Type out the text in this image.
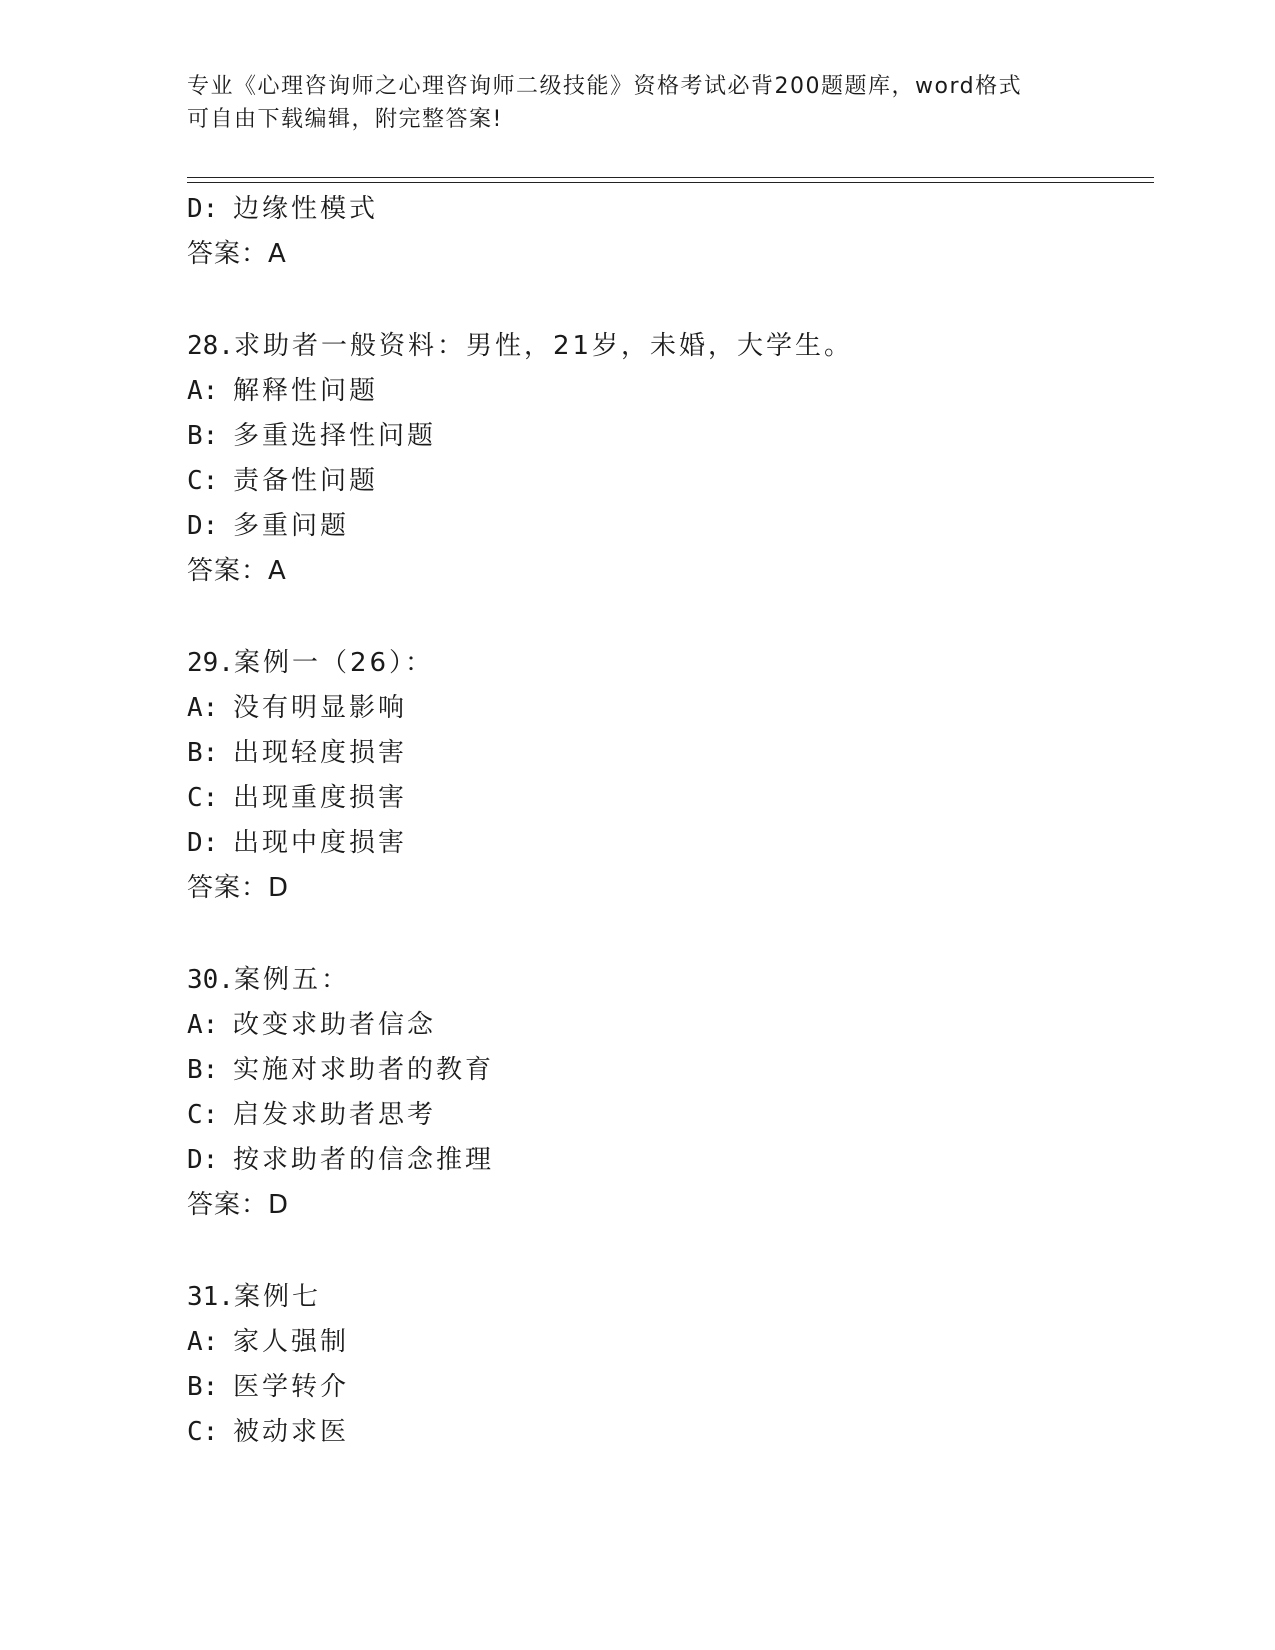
专业《心理咨询师之心理咨询师二级技能》资格考试必背200题题库，word格式
可自由下载编辑，附完整答案!
D: 边缘性模式
答案：A
28.求助者一般资料：男性，21岁，未婚，大学生。
A: 解释性问题
B: 多重选择性问题
C: 责备性问题
D: 多重问题
答案：A
29.案例一（26）：
A: 没有明显影响
B: 出现轻度损害
C: 出现重度损害
D: 出现中度损害
答案：D
30.案例五：
A: 改变求助者信念
B: 实施对求助者的教育
C: 启发求助者思考
D: 按求助者的信念推理
答案：D
31.案例七
A: 家人强制
B: 医学转介
C: 被动求医
